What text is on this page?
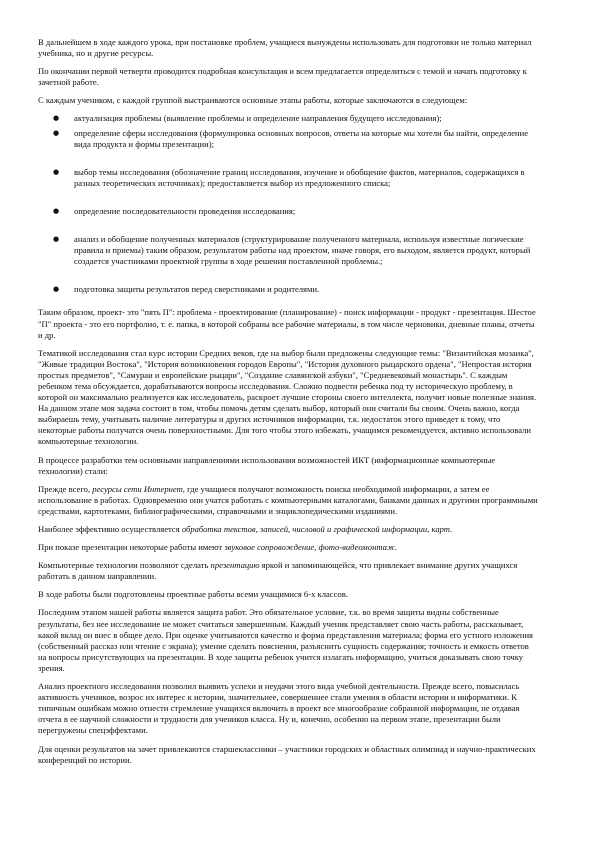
В дальнейшем в ходе каждого урока, при постановке проблем, учащиеся вынуждены использовать для подготовки не только материал учебника, но и другие ресурсы.

По окончании первой четверти проводится подробная консультация и всем предлагается определиться с темой и начать подготовку к зачетной работе.

С каждым учеником, с каждой группой выстраиваются основные этапы работы, которые заключаются в следующем:

● актуализация проблемы (выявление проблемы и определение направления будущего исследования);
● определение сферы исследования (формулировка основных вопросов, ответы на которые мы хотели бы найти, определение вида продукта и формы презентации);
● выбор темы исследования (обозначение границ исследования, изучение и обобщение фактов, материалов, содержащихся в разных теоретических источниках); предоставляется выбор из предложенного списка;
● определение последовательности проведения исследования;
● анализ и обобщение полученных материалов (структурирование полученного материала, используя известные логические правила и приемы) таким образом, результатом работы над проектом, иначе говоря, его выходом, является продукт, который создается участниками проектной группы в ходе решения поставленной проблемы.;
● подготовка защиты результатов перед сверстниками и родителями.

Таким образом, проект- это "пять П": проблема - проектирование (планирование) - поиск информации - продукт - презентация. Шестое "П" проекта - это его портфолио, т. е. папка, в которой собраны все рабочие материалы, в том числе черновики, дневные планы, отчеты и др.

Тематикой исследования стал курс истории Средних веков, где на выбор были предложены следующие темы: "Византийская мозаика", "Живые традиции Востока", "История возникновения городов Европы", "История духовного рыцарского ордена", "Непростая история простых предметов", "Самураи и европейские рыцари", "Создание славянской азбуки", "Средневековый монастырь". С каждым ребенком тема обсуждается, дорабатываются вопросы исследования. Сложно подвести ребенка под ту историческую проблему, в которой он максимально реализуется как исследователь, раскроет лучшие стороны своего интеллекта, получит новые полезные знания. На данном этапе моя задача состоит в том, чтобы помочь детям сделать выбор, который они считали бы своим. Очень важно, когда выбираешь тему, учитывать наличие литературы и других источников информации, т.к. недостаток этого приведет к тому, что некоторые работы получатся очень поверхностными. Для того чтобы этого избежать, учащимся рекомендуется, активно использовали компьютерные технологии.

В процессе разработки тем основными направлениями использования возможностей ИКТ (информационные компьютерные технологии) стали:

Прежде всего, ресурсы сети Интернет, где учащиеся получают возможность поиска необходимой информации, а затем ее использование в работах. Одновременно они учатся работать с компьютерными каталогами, банками данных и другими программными средствами, картотеками, библиографическими, справочными и энциклопедическими изданиями.

Наиболее эффективно осуществляется обработка текстов, записей, числовой и графической информации, карт.

При показе презентации некоторые работы имеют звуковое сопровождение, фото-видеомонтаж.

Компьютерные технологии позволяют сделать презентацию яркой и запоминающейся, что привлекает внимание других учащихся работать в данном направлении.

В ходе работы были подготовлены проектные работы всеми учащимися 6-х классов.

Последним этапом нашей работы является защита работ. Это обязательное условие, т.к. во время защиты видны собственные результаты, без нее исследование не может считаться завершенным. Каждый ученик представляет свою часть работы, рассказывает, какой вклад он внес в общее дело. При оценке учитываются качество и форма представления материала; форма его устного изложения (собственный рассказ или чтение с экрана); умение сделать пояснения, разъяснить сущность содержания; точность и емкость ответов на вопросы присутствующих на презентации. В ходе защиты ребенок учится излагать информацию, учиться доказывать свою точку зрения.

Анализ проектного исследования позволил выявить успехи и неудачи этого вида учебной деятельности. Прежде всего, повысилась активность учеников, возрос их интерес к истории, значительнее, совершеннее стали умения в области истории и информатики. К типичным ошибкам можно отнести стремление учащихся включить в проект все многообразие собранной информации, не отдавая отчета в ее научной сложности и трудности для учеников класса. Ну и, конечно, особенно на первом этапе, презентации были перегружены спецэффектами.

Для оценки результатов на зачет привлекаются старшеклассники – участники городских и областных олимпиад и научно-практических конференций по истории.
